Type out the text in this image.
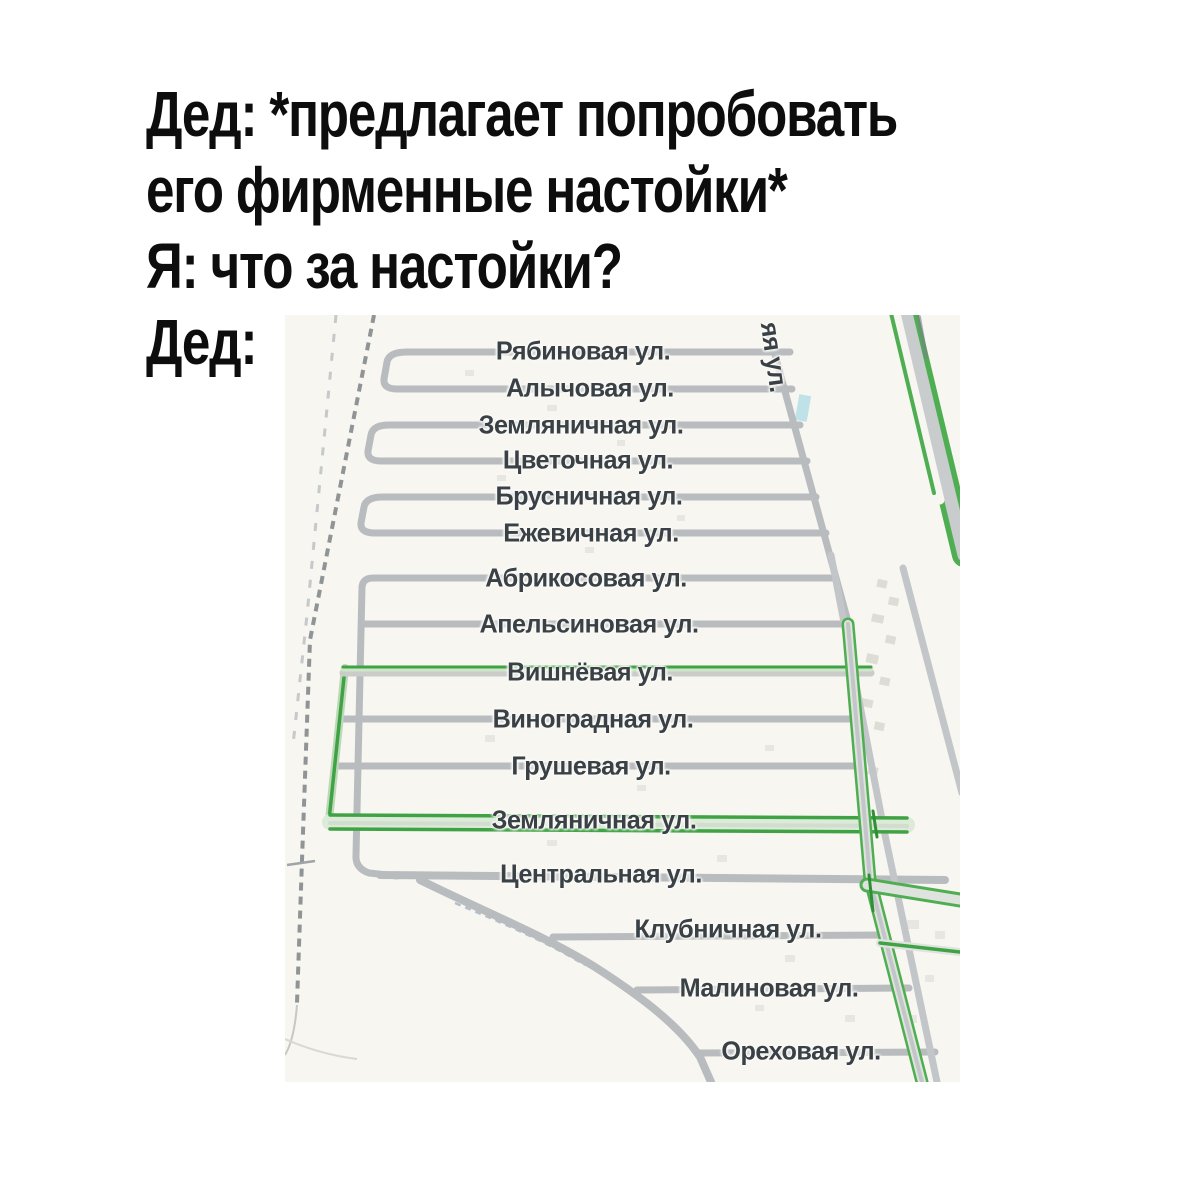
Дед: *предлагает попробовать
его фирменные настойки*
Я: что за настойки?
Дед:	яя ул.
Рябиновая ул.
Алычовая ул.
Земляничная ул.
Цветочная ул.
Брусничная ул.
Ежевичная ул.
Абрикосовая ул.
Апельсиновая ул.
Вишнёвая ул.
Виноградная ул.
Грушевая ул.
Земляничная ул.
Центральная ул.
Клубничная ул.
Малиновая ул.
Ореховая ул.
